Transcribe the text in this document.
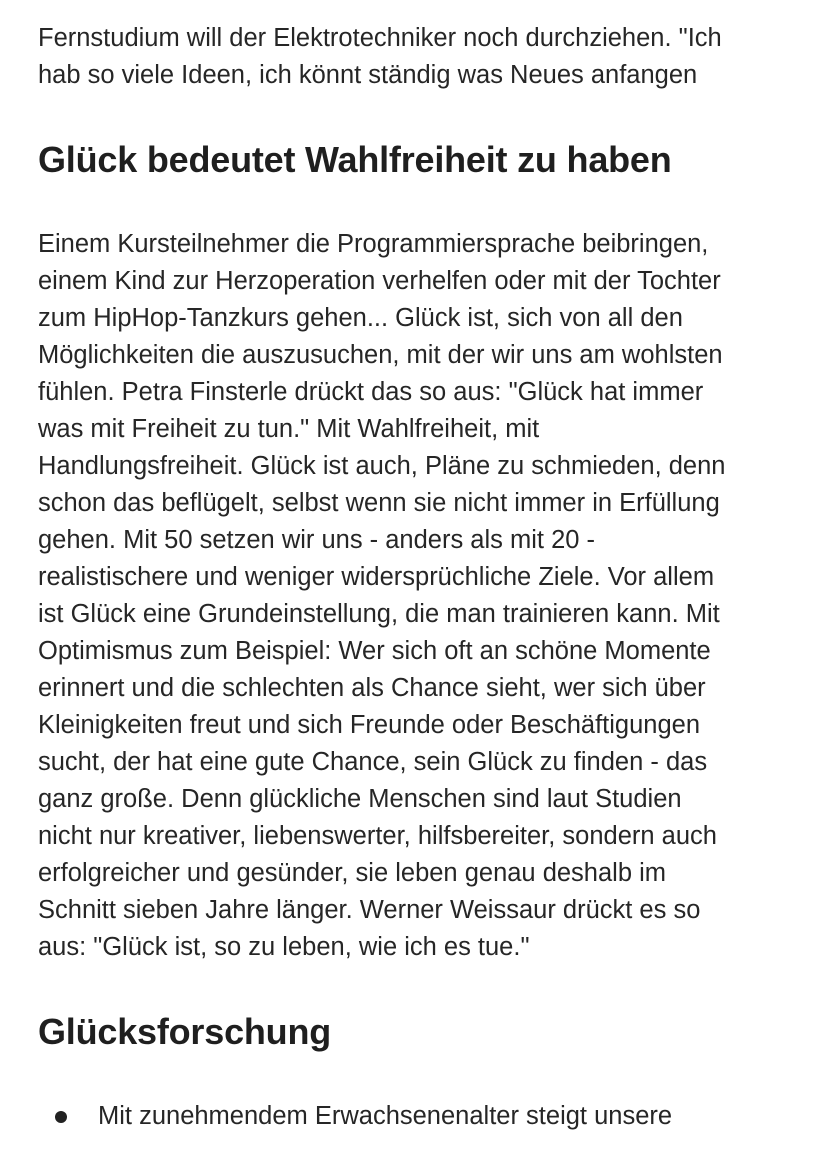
Fernstudium will der Elektrotechniker noch durchziehen. "Ich
hab so viele Ideen, ich könnt ständig was Neues anfangen

Glück bedeutet Wahlfreiheit zu haben

Einem Kursteilnehmer die Programmiersprache beibringen,
einem Kind zur Herzoperation verhelfen oder mit der Tochter
zum HipHop-Tanzkurs gehen... Glück ist, sich von all den
Möglichkeiten die auszusuchen, mit der wir uns am wohlsten
fühlen. Petra Finsterle drückt das so aus: "Glück hat immer
was mit Freiheit zu tun." Mit Wahlfreiheit, mit
Handlungsfreiheit. Glück ist auch, Pläne zu schmieden, denn
schon das beflügelt, selbst wenn sie nicht immer in Erfüllung
gehen. Mit 50 setzen wir uns - anders als mit 20 -
realistischere und weniger widersprüchliche Ziele. Vor allem
ist Glück eine Grundeinstellung, die man trainieren kann. Mit
Optimismus zum Beispiel: Wer sich oft an schöne Momente
erinnert und die schlechten als Chance sieht, wer sich über
Kleinigkeiten freut und sich Freunde oder Beschäftigungen
sucht, der hat eine gute Chance, sein Glück zu finden - das
ganz große. Denn glückliche Menschen sind laut Studien
nicht nur kreativer, liebenswerter, hilfsbereiter, sondern auch
erfolgreicher und gesünder, sie leben genau deshalb im
Schnitt sieben Jahre länger. Werner Weissaur drückt es so
aus: "Glück ist, so zu leben, wie ich es tue."

Glücksforschung
Mit zunehmendem Erwachsenenalter steigt unsere
